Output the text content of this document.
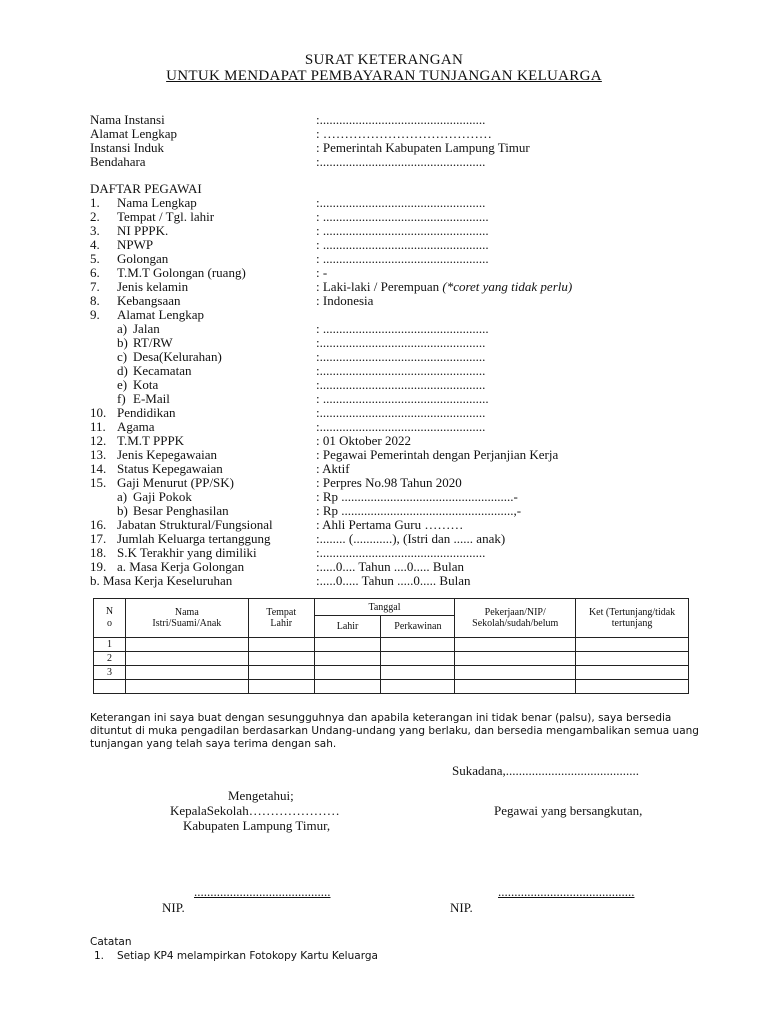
SURAT KETERANGAN
UNTUK MENDAPAT PEMBAYARAN TUNJANGAN KELUARGA
Nama Instansi	:...................................................
Alamat Lengkap	: …………………………………
Instansi Induk	: Pemerintah Kabupaten Lampung Timur
Bendahara	:...................................................
DAFTAR PEGAWAI
1. Nama Lengkap	:...................................................
2. Tempat / Tgl. lahir	: ...................................................
3. NI PPPK.	: ...................................................
4. NPWP	: ...................................................
5. Golongan	: ...................................................
6. T.M.T Golongan (ruang)	: -
7. Jenis kelamin	: Laki-laki / Perempuan (*coret yang tidak perlu)
8. Kebangsaan	: Indonesia
9. Alamat Lengkap
a) Jalan	: ...................................................
b) RT/RW	:...................................................
c) Desa(Kelurahan)	:...................................................
d) Kecamatan	:...................................................
e) Kota	:...................................................
f) E-Mail	: ...................................................
10. Pendidikan	:...................................................
11. Agama	:...................................................
12. T.M.T PPPK	: 01 Oktober 2022
13. Jenis Kepegawaian	: Pegawai Pemerintah dengan Perjanjian Kerja
14. Status Kepegawaian	: Aktif
15. Gaji Menurut (PP/SK)	: Perpres No.98 Tahun 2020
a) Gaji Pokok	: Rp .....................................................-
b) Besar Penghasilan	: Rp .....................................................,-
16. Jabatan Struktural/Fungsional	: Ahli Pertama Guru ………
17. Jumlah Keluarga tertanggung	:........ (............), (Istri dan ...... anak)
18. S.K Terakhir yang dimiliki	:...................................................
19. a. Masa Kerja Golongan	:.....0.... Tahun ....0..... Bulan
b. Masa Kerja Keseluruhan	:.....0..... Tahun .....0..... Bulan
N o	Nama Istri/Suami/Anak	Tempat Lahir	Tanggal		Pekerjaan/NIP/ Sekolah/sudah/belum	Ket (Tertunjang/tidak tertunjang
			Lahir	Perkawinan		
1						
2						
3						

Keterangan ini saya buat dengan sesungguhnya dan apabila keterangan ini tidak benar (palsu), saya bersedia dituntut di muka pengadilan berdasarkan Undang-undang yang berlaku, dan bersedia mengambalikan semua uang tunjangan yang telah saya terima dengan sah.
Sukadana,.........................................
Mengetahui;
KepalaSekolah…………………
Kabupaten Lampung Timur,
Pegawai yang bersangkutan,
..........................................
NIP.
..........................................
NIP.
Catatan
1. Setiap KP4 melampirkan Fotokopy Kartu Keluarga
